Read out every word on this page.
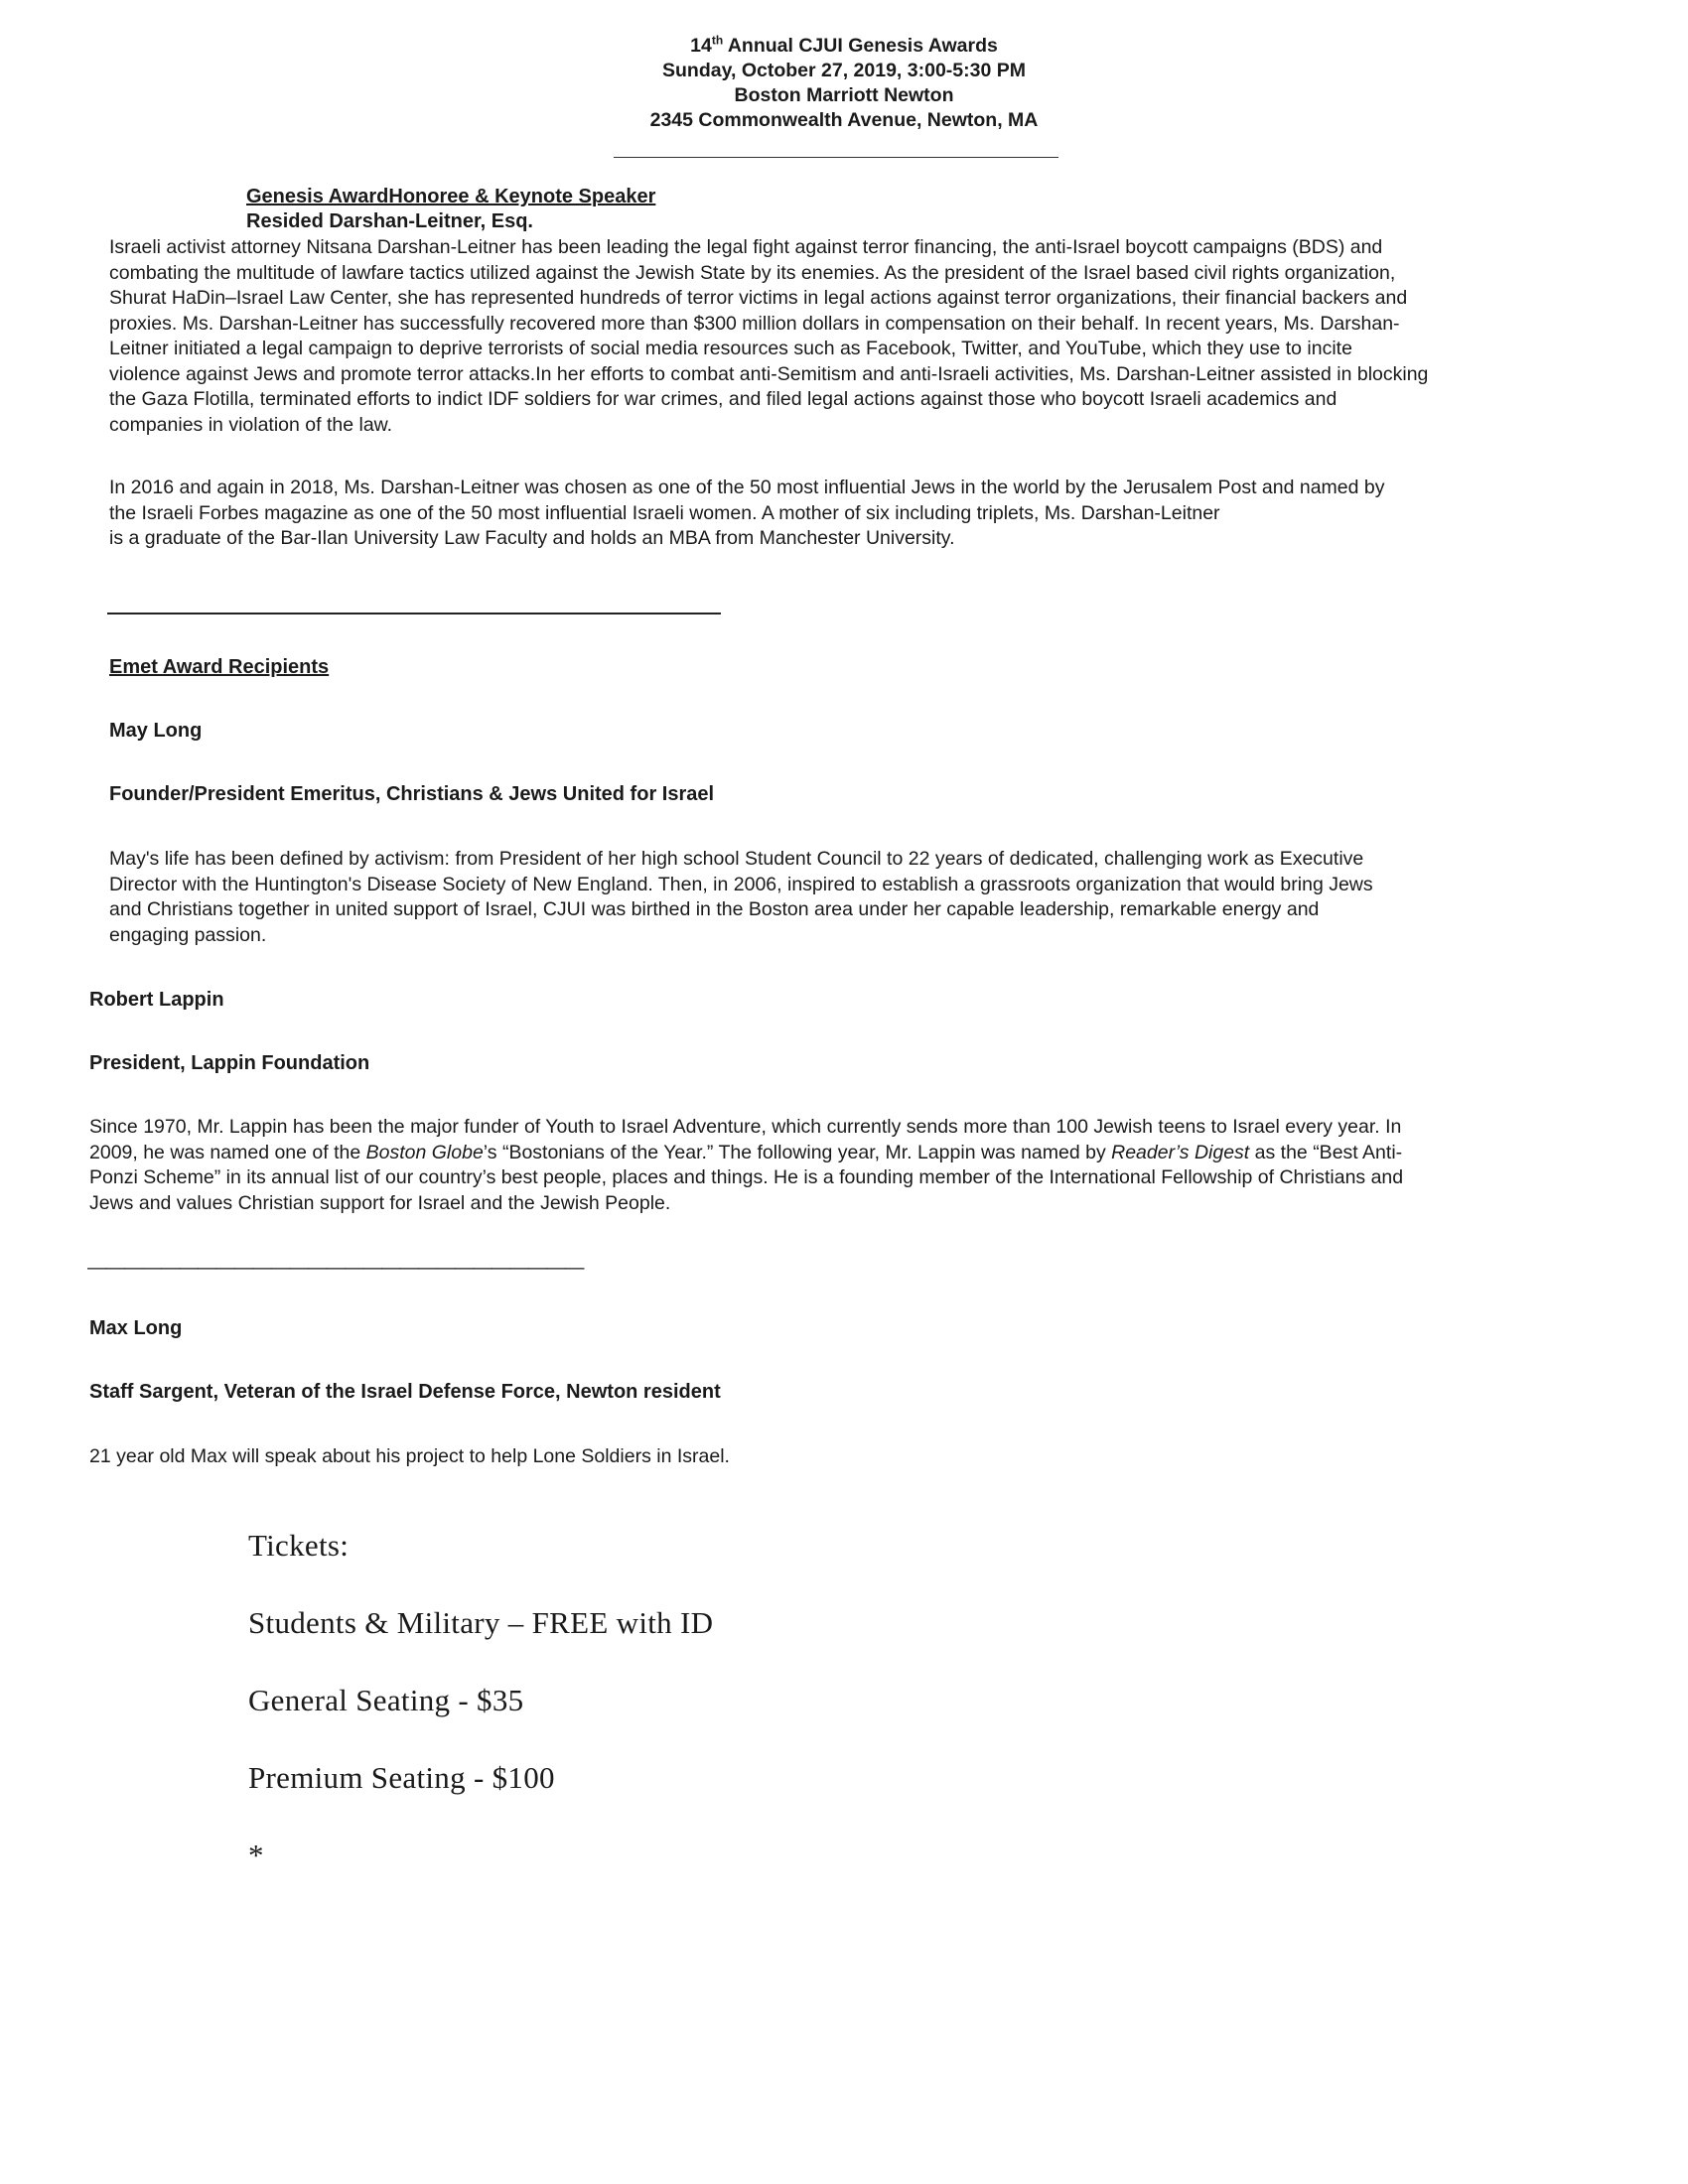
14th Annual CJUI Genesis Awards
Sunday, October 27, 2019, 3:00-5:30 PM
Boston Marriott Newton
2345 Commonwealth Avenue, Newton, MA
Genesis AwardHonoree & Keynote Speaker
Resided Darshan-Leitner, Esq.

Israeli activist attorney Nitsana Darshan-Leitner has been leading the legal fight against terror financing, the anti-Israel boycott campaigns (BDS) and

combating the multitude of lawfare tactics utilized against the Jewish State by its enemies. As the president of the Israel based civil rights organization,

Shurat HaDin–Israel Law Center, she has represented hundreds of terror victims in legal actions against terror organizations, their financial backers and

proxies. Ms. Darshan-Leitner has successfully recovered more than $300 million dollars in compensation on their behalf. In recent years, Ms. Darshan-

Leitner initiated a legal campaign to deprive terrorists of social media resources such as Facebook, Twitter, and YouTube, which they use to incite

violence against Jews and promote terror attacks.In her efforts to combat anti-Semitism and anti-Israeli activities, Ms. Darshan-Leitner assisted in blocking

the Gaza Flotilla, terminated efforts to indict IDF soldiers for war crimes, and filed legal actions against those who boycott Israeli academics and

companies in violation of the law.

In 2016 and again in 2018, Ms. Darshan-Leitner was chosen as one of the 50 most influential Jews in the world by the Jerusalem Post and named by

the Israeli Forbes magazine as one of the 50 most influential Israeli women. A mother of six including triplets, Ms. Darshan-Leitner

is a graduate of the Bar-Ilan University Law Faculty and holds an MBA from Manchester University.

Emet Award Recipients
May Long
Founder/President Emeritus, Christians & Jews United for Israel

May's life has been defined by activism: from President of her high school Student Council to 22 years of dedicated, challenging work as Executive

Director with the Huntington's Disease Society of New England. Then, in 2006, inspired to establish a grassroots organization that would bring Jews

and Christians together in united support of Israel, CJUI was birthed in the Boston area under her capable leadership, remarkable energy and

engaging passion.

Robert Lappin
President, Lappin Foundation

Since 1970, Mr. Lappin has been the major funder of Youth to Israel Adventure, which currently sends more than 100 Jewish teens to Israel every year. In

2009, he was named one of the Boston Globe’s “Bostonians of the Year.” The following year, Mr. Lappin was named by Reader’s Digest as the “Best Anti-

Ponzi Scheme” in its annual list of our country’s best people, places and things. He is a founding member of the International Fellowship of Christians and

Jews and values Christian support for Israel and the Jewish People.

———————————————————————————
Max Long
Staff Sargent, Veteran of the Israel Defense Force, Newton resident
21 year old Max will speak about his project to help Lone Soldiers in Israel.
Tickets:
Students & Military – FREE with ID
General Seating - $35
Premium Seating - $100
*
